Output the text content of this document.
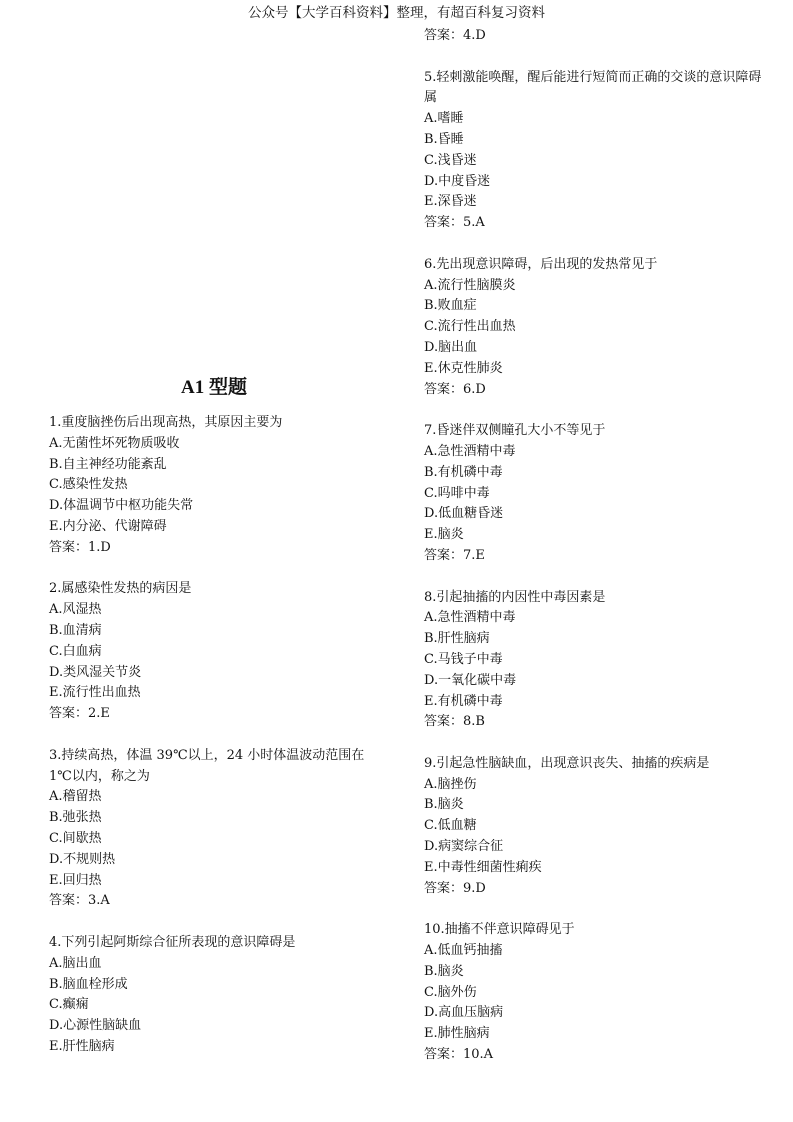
公众号【大学百科资料】整理，有超百科复习资料
A1 型题
1.重度脑挫伤后出现高热，其原因主要为
A.无菌性坏死物质吸收
B.自主神经功能紊乱
C.感染性发热
D.体温调节中枢功能失常
E.内分泌、代谢障碍
答案：1.D
2.属感染性发热的病因是
A.风湿热
B.血清病
C.白血病
D.类风湿关节炎
E.流行性出血热
答案：2.E
3.持续高热，体温 39℃以上，24 小时体温波动范围在 1℃以内，称之为
A.稽留热
B.弛张热
C.间歇热
D.不规则热
E.回归热
答案：3.A
4.下列引起阿斯综合征所表现的意识障碍是
A.脑出血
B.脑血栓形成
C.癫痫
D.心源性脑缺血
E.肝性脑病
答案：4.D
5.轻刺激能唤醒，醒后能进行短简而正确的交谈的意识障碍属
A.嗜睡
B.昏睡
C.浅昏迷
D.中度昏迷
E.深昏迷
答案：5.A
6.先出现意识障碍，后出现的发热常见于
A.流行性脑膜炎
B.败血症
C.流行性出血热
D.脑出血
E.休克性肺炎
答案：6.D
7.昏迷伴双侧瞳孔大小不等见于
A.急性酒精中毒
B.有机磷中毒
C.吗啡中毒
D.低血糖昏迷
E.脑炎
答案：7.E
8.引起抽搐的内因性中毒因素是
A.急性酒精中毒
B.肝性脑病
C.马钱子中毒
D.一氧化碳中毒
E.有机磷中毒
答案：8.B
9.引起急性脑缺血，出现意识丧失、抽搐的疾病是
A.脑挫伤
B.脑炎
C.低血糖
D.病窦综合征
E.中毒性细菌性痢疾
答案：9.D
10.抽搐不伴意识障碍见于
A.低血钙抽搐
B.脑炎
C.脑外伤
D.高血压脑病
E.肺性脑病
答案：10.A
